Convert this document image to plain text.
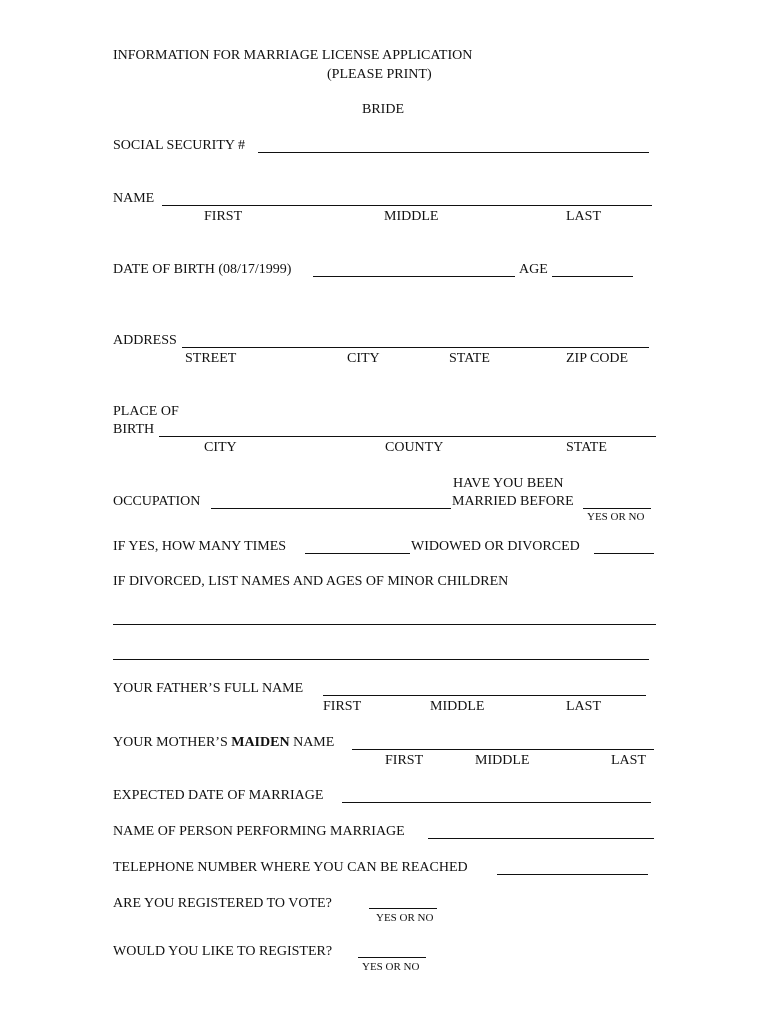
INFORMATION FOR MARRIAGE LICENSE APPLICATION
(PLEASE PRINT)
BRIDE
SOCIAL SECURITY #
NAME
FIRST	MIDDLE	LAST
DATE OF BIRTH (08/17/1999)	AGE
ADDRESS
STREET	CITY	STATE	ZIP CODE
PLACE OF
BIRTH
CITY	COUNTY	STATE
HAVE YOU BEEN
OCCUPATION	MARRIED BEFORE
YES OR NO
IF YES, HOW MANY TIMES	WIDOWED OR DIVORCED
IF DIVORCED, LIST NAMES AND AGES OF MINOR CHILDREN
YOUR FATHER’S FULL NAME
FIRST	MIDDLE	LAST
YOUR MOTHER’S MAIDEN NAME
FIRST	MIDDLE	LAST
EXPECTED DATE OF MARRIAGE
NAME OF PERSON PERFORMING MARRIAGE
TELEPHONE NUMBER WHERE YOU CAN BE REACHED
ARE YOU REGISTERED TO VOTE?
YES OR NO
WOULD YOU LIKE TO REGISTER?
YES OR NO
